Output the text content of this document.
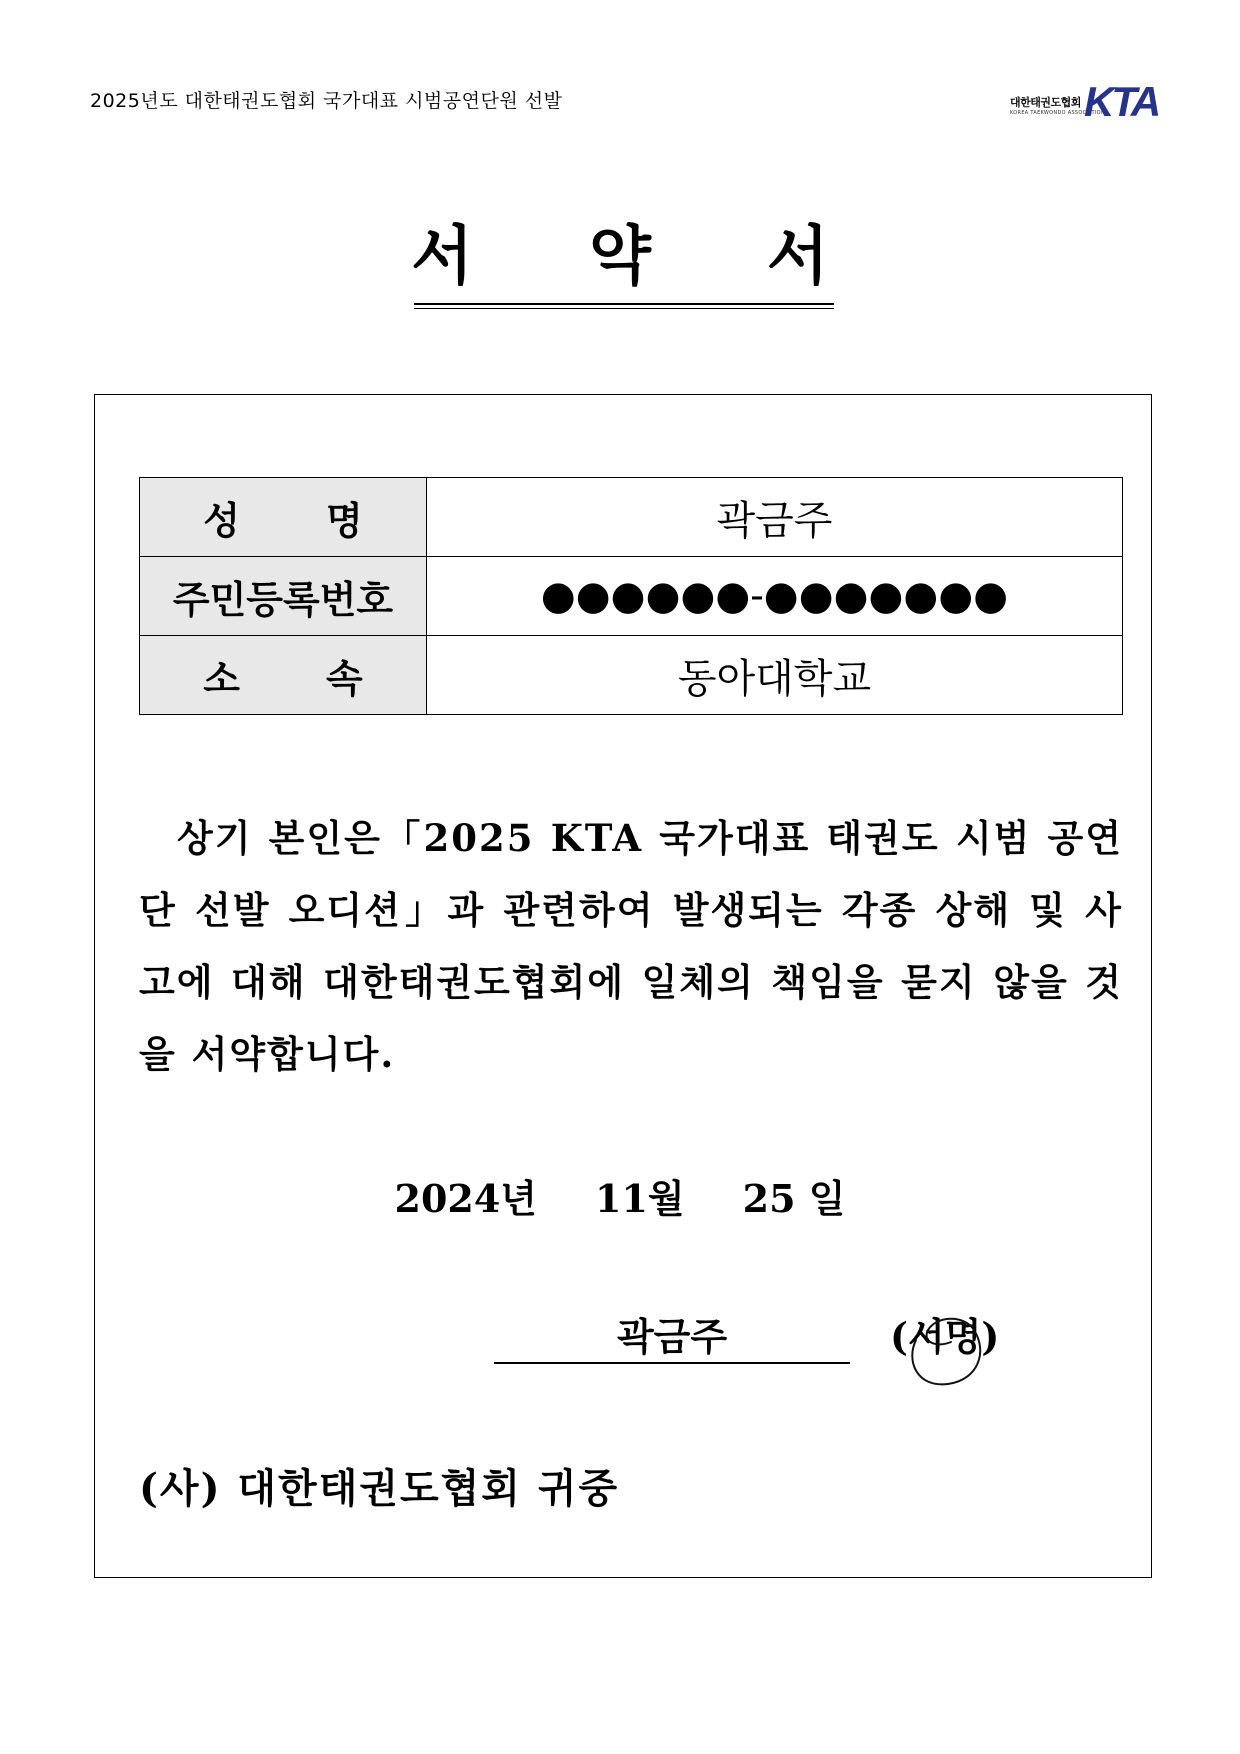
2025년도 대한태권도협회 국가대표 시범공연단원 선발	대한태권도협회
KOREA TAEKWONDO ASSOCIATION
KTA
서 약 서
성명	곽금주
주민등록번호	●●●●●●-●●●●●●●
소속	동아대학교
상기 본인은「2025 KTA 국가대표 태권도 시범 공연단 선발 오디션」과 관련하여 발생되는 각종 상해 및 사고에 대해 대한태권도협회에 일체의 책임을 묻지 않을 것을 서약합니다.
2024년 11월 25 일
곽금주	(서명)
(사) 대한태권도협회 귀중
